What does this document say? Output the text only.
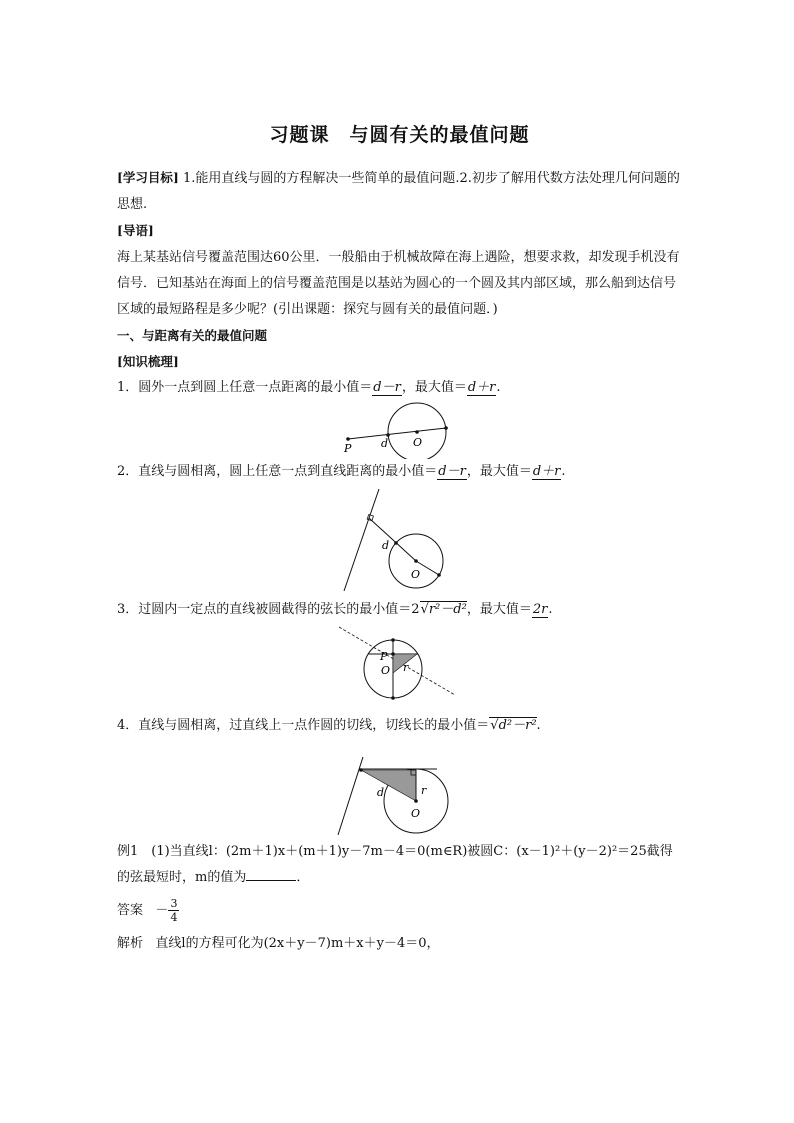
习题课　与圆有关的最值问题

[学习目标] 1.能用直线与圆的方程解决一些简单的最值问题.2.初步了解用代数方法处理几何问题的思想.

[导语]

海上某基站信号覆盖范围达60公里．一般船由于机械故障在海上遇险，想要求救，却发现手机没有信号．已知基站在海面上的信号覆盖范围是以基站为圆心的一个圆及其内部区域，那么船到达信号区域的最短路程是多少呢？(引出课题：探究与圆有关的最值问题．)

一、与距离有关的最值问题

[知识梳理]

1．圆外一点到圆上任意一点距离的最小值＝d－r，最大值＝d＋r.

P	d O

2．直线与圆相离，圆上任意一点到直线距离的最小值＝d－r，最大值＝d＋r.

d
O

3．过圆内一定点的直线被圆截得的弦长的最小值＝2√r²－d²，最大值＝2r.

P
O r

4．直线与圆相离，过直线上一点作圆的切线，切线长的最小值＝√d²－r².

d	r
O

例1　(1)当直线l：(2m＋1)x＋(m＋1)y－7m－4＝0(m∈R)被圆C：(x－1)²＋(y－2)²＝25截得

的弦最短时，m的值为	．

答案 － $\frac{3}{4}$

解析 直线l的方程可化为(2x＋y－7)m＋x＋y－4＝0，
